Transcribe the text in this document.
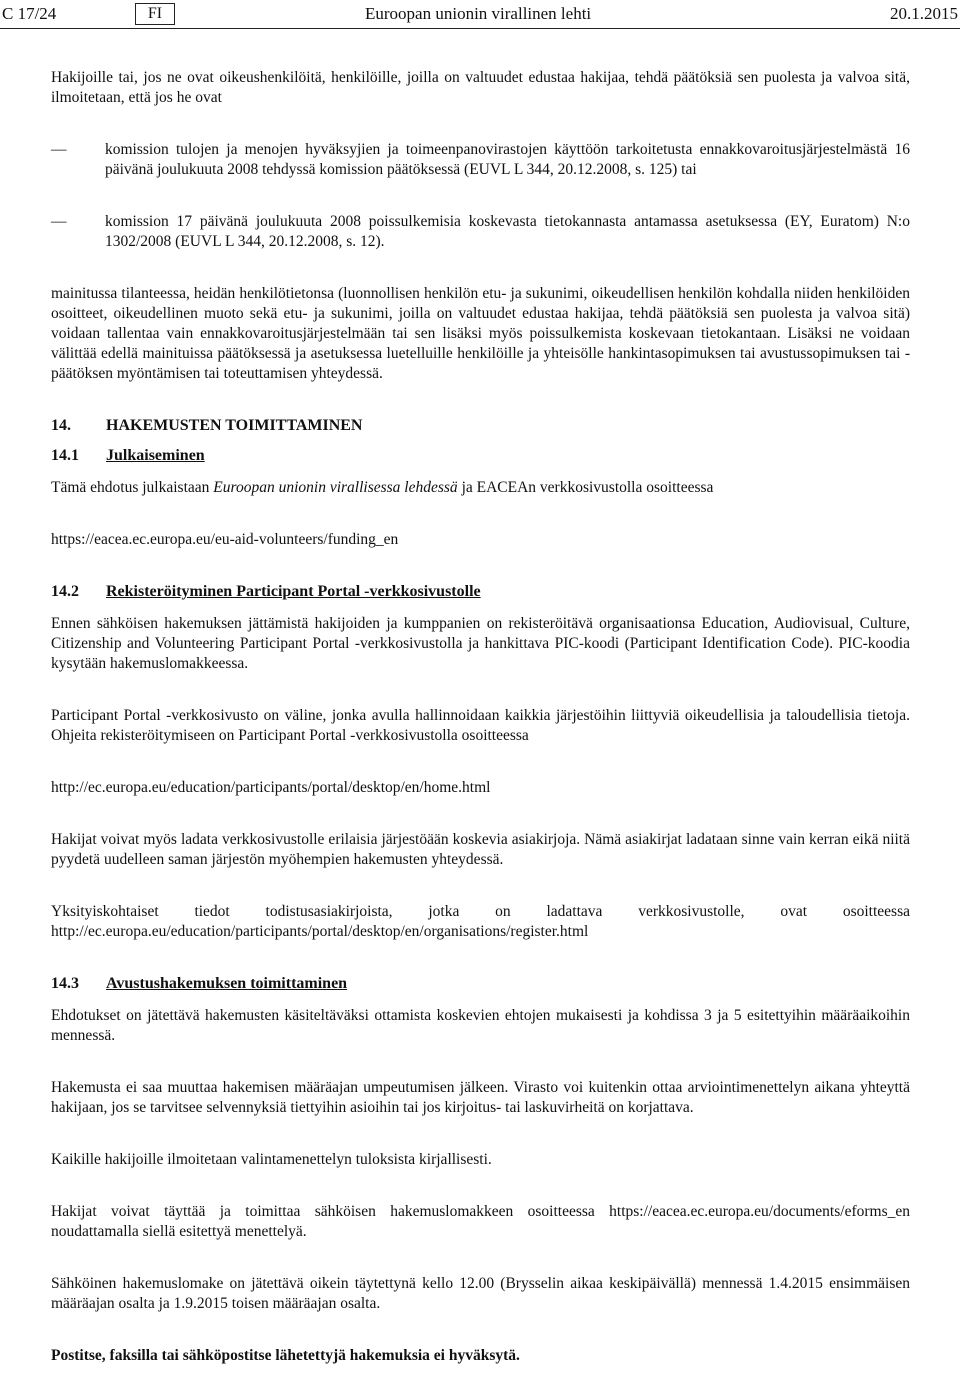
C 17/24	FI	Euroopan unionin virallinen lehti	20.1.2015

Hakijoille tai, jos ne ovat oikeushenkilöitä, henkilöille, joilla on valtuudet edustaa hakijaa, tehdä päätöksiä sen puolesta ja valvoa sitä, ilmoitetaan, että jos he ovat

—	komission tulojen ja menojen hyväksyjien ja toimeenpanovirastojen käyttöön tarkoitetusta ennakkovaroitusjärjestelmästä 16 päivänä joulukuuta 2008 tehdyssä komission päätöksessä (EUVL L 344, 20.12.2008, s. 125) tai
—	komission 17 päivänä joulukuuta 2008 poissulkemisia koskevasta tietokannasta antamassa asetuksessa (EY, Euratom) N:o 1302/2008 (EUVL L 344, 20.12.2008, s. 12).

mainitussa tilanteessa, heidän henkilötietonsa (luonnollisen henkilön etu- ja sukunimi, oikeudellisen henkilön kohdalla niiden henkilöiden osoitteet, oikeudellinen muoto sekä etu- ja sukunimi, joilla on valtuudet edustaa hakijaa, tehdä päätöksiä sen puolesta ja valvoa sitä) voidaan tallentaa vain ennakkovaroitusjärjestelmään tai sen lisäksi myös poissulkemista koskevaan tietokantaan. Lisäksi ne voidaan välittää edellä mainituissa päätöksessä ja asetuksessa luetelluille henkilöille ja yhteisölle hankintasopimuksen tai avustussopimuksen tai -päätöksen myöntämisen tai toteuttamisen yhteydessä.

14. HAKEMUSTEN TOIMITTAMINEN
14.1 Julkaiseminen

Tämä ehdotus julkaistaan Euroopan unionin virallisessa lehdessä ja EACEAn verkkosivustolla osoitteessa

https://eacea.ec.europa.eu/eu-aid-volunteers/funding_en

14.2 Rekisteröityminen Participant Portal -verkkosivustolle

Ennen sähköisen hakemuksen jättämistä hakijoiden ja kumppanien on rekisteröitävä organisaationsa Education, Audiovisual, Culture, Citizenship and Volunteering Participant Portal -verkkosivustolla ja hankittava PIC-koodi (Participant Identification Code). PIC-koodia kysytään hakemuslomakkeessa.

Participant Portal -verkkosivusto on väline, jonka avulla hallinnoidaan kaikkia järjestöihin liittyviä oikeudellisia ja taloudellisia tietoja. Ohjeita rekisteröitymiseen on Participant Portal -verkkosivustolla osoitteessa

http://ec.europa.eu/education/participants/portal/desktop/en/home.html

Hakijat voivat myös ladata verkkosivustolle erilaisia järjestöään koskevia asiakirjoja. Nämä asiakirjat ladataan sinne vain kerran eikä niitä pyydetä uudelleen saman järjestön myöhempien hakemusten yhteydessä.

Yksityiskohtaiset tiedot todistusasiakirjoista, jotka on ladattava verkkosivustolle, ovat osoitteessa http://ec.europa.eu/education/participants/portal/desktop/en/organisations/register.html

14.3 Avustushakemuksen toimittaminen

Ehdotukset on jätettävä hakemusten käsiteltäväksi ottamista koskevien ehtojen mukaisesti ja kohdissa 3 ja 5 esitettyihin määräaikoihin mennessä.

Hakemusta ei saa muuttaa hakemisen määräajan umpeutumisen jälkeen. Virasto voi kuitenkin ottaa arviointimenettelyn aikana yhteyttä hakijaan, jos se tarvitsee selvennyksiä tiettyihin asioihin tai jos kirjoitus- tai laskuvirheitä on korjattava.

Kaikille hakijoille ilmoitetaan valintamenettelyn tuloksista kirjallisesti.

Hakijat voivat täyttää ja toimittaa sähköisen hakemuslomakkeen osoitteessa https://eacea.ec.europa.eu/documents/eforms_en noudattamalla siellä esitettyä menettelyä.

Sähköinen hakemuslomake on jätettävä oikein täytettynä kello 12.00 (Brysselin aikaa keskipäivällä) mennessä 1.4.2015 ensimmäisen määräajan osalta ja 1.9.2015 toisen määräajan osalta.

Postitse, faksilla tai sähköpostitse lähetettyjä hakemuksia ei hyväksytä.
